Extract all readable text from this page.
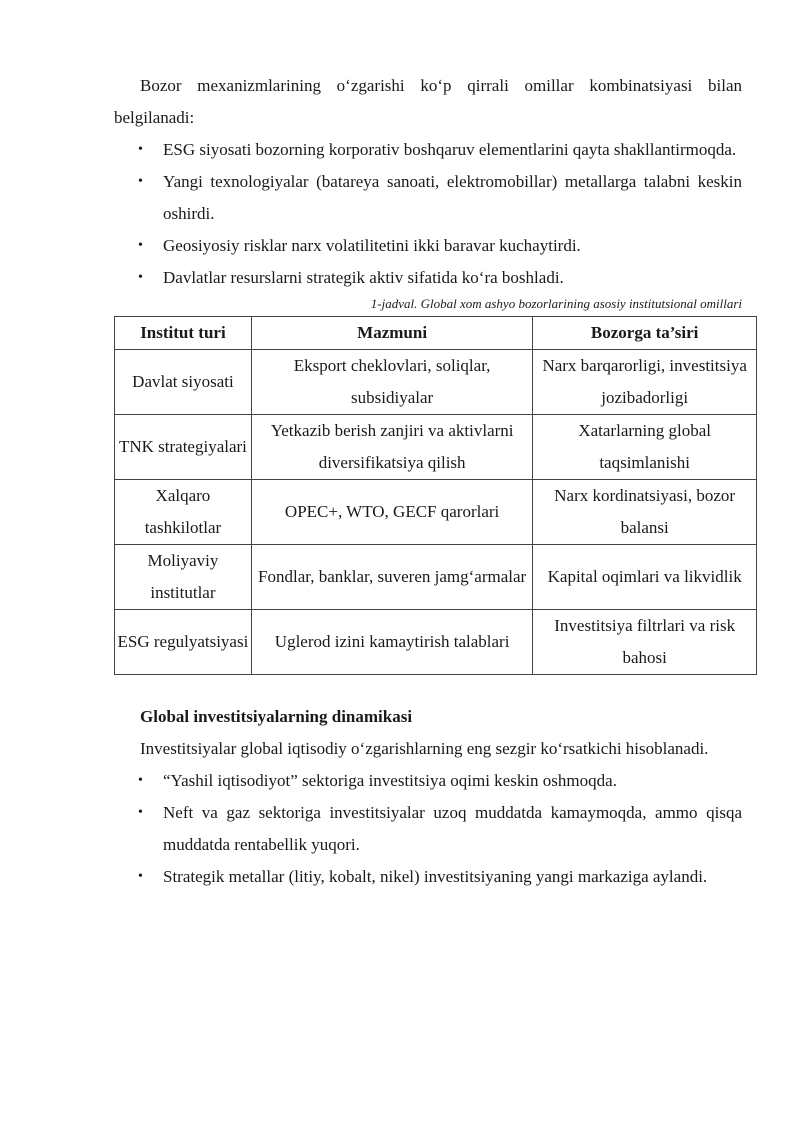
Bozor mexanizmlarining o‘zgarishi ko‘p qirrali omillar kombinatsiyasi bilan belgilanadi:

• ESG siyosati bozorning korporativ boshqaruv elementlarini qayta shakllantirmoqda.
• Yangi texnologiyalar (batareya sanoati, elektromobillar) metallarga talabni keskin oshirdi.
• Geosiyosiy risklar narx volatilitetini ikki baravar kuchaytirdi.
• Davlatlar resurslarni strategik aktiv sifatida ko‘ra boshladi.

1-jadval. Global xom ashyo bozorlarining asosiy institutsional omillari

Institut turi	Mazmuni	Bozorga ta’siri
Davlat siyosati	Eksport cheklovlari, soliqlar, subsidiyalar	Narx barqarorligi, investitsiya jozibadorligi
TNK strategiyalari	Yetkazib berish zanjiri va aktivlarni diversifikatsiya qilish	Xatarlarning global taqsimlanishi
Xalqaro tashkilotlar	OPEC+, WTO, GECF qarorlari	Narx kordinatsiyasi, bozor balansi
Moliyaviy institutlar	Fondlar, banklar, suveren jamg‘armalar	Kapital oqimlari va likvidlik
ESG regulyatsiyasi	Uglerod izini kamaytirish talablari	Investitsiya filtrlari va risk bahosi

Global investitsiyalarning dinamikasi

Investitsiyalar global iqtisodiy o‘zgarishlarning eng sezgir ko‘rsatkichi hisoblanadi.

• “Yashil iqtisodiyot” sektoriga investitsiya oqimi keskin oshmoqda.
• Neft va gaz sektoriga investitsiyalar uzoq muddatda kamaymoqda, ammo qisqa muddatda rentabellik yuqori.
• Strategik metallar (litiy, kobalt, nikel) investitsiyaning yangi markaziga aylandi.
